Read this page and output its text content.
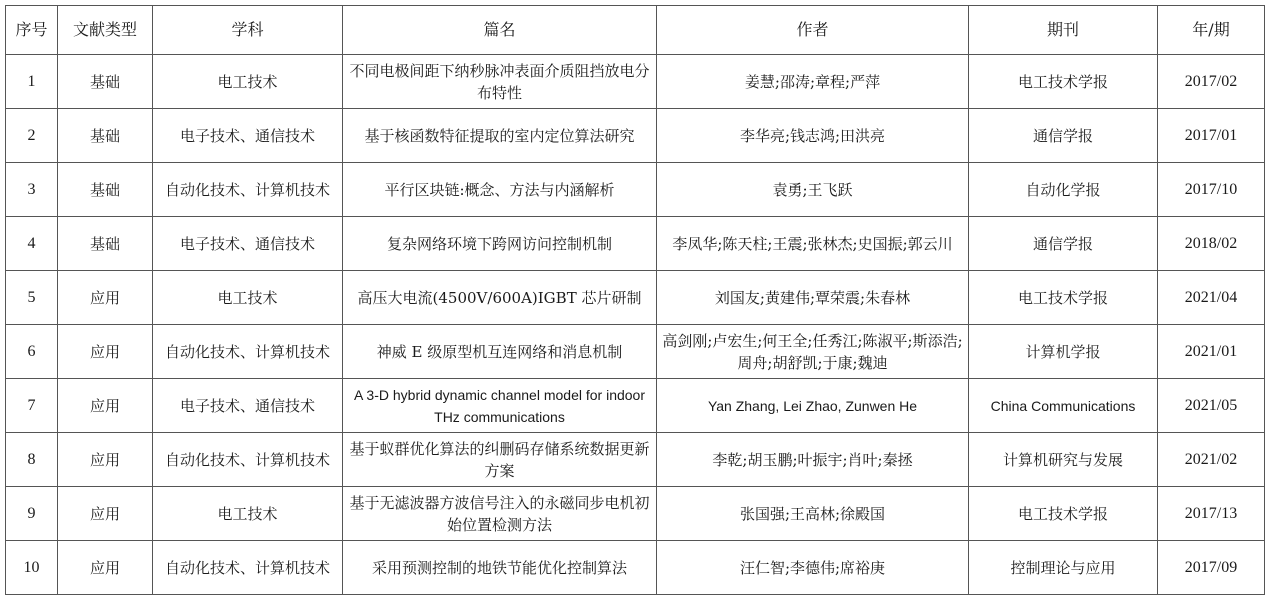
序号	文献类型	学科	篇名	作者	期刊	年/期
1	基础	电工技术	不同电极间距下纳秒脉冲表面介质阻挡放电分布特性	姜慧;邵涛;章程;严萍	电工技术学报	2017/02
2	基础	电子技术、通信技术	基于核函数特征提取的室内定位算法研究	李华亮;钱志鸿;田洪亮	通信学报	2017/01
3	基础	自动化技术、计算机技术	平行区块链:概念、方法与内涵解析	袁勇;王飞跃	自动化学报	2017/10
4	基础	电子技术、通信技术	复杂网络环境下跨网访问控制机制	李凤华;陈天柱;王震;张林杰;史国振;郭云川	通信学报	2018/02
5	应用	电工技术	高压大电流(4500V/600A)IGBT 芯片研制	刘国友;黄建伟;覃荣震;朱春林	电工技术学报	2021/04
6	应用	自动化技术、计算机技术	神威 E 级原型机互连网络和消息机制	高剑刚;卢宏生;何王全;任秀江;陈淑平;斯添浩;周舟;胡舒凯;于康;魏迪	计算机学报	2021/01
7	应用	电子技术、通信技术	A 3-D hybrid dynamic channel model for indoor THz communications	Yan Zhang, Lei Zhao, Zunwen He	China Communications	2021/05
8	应用	自动化技术、计算机技术	基于蚁群优化算法的纠删码存储系统数据更新方案	李乾;胡玉鹏;叶振宇;肖叶;秦拯	计算机研究与发展	2021/02
9	应用	电工技术	基于无滤波器方波信号注入的永磁同步电机初始位置检测方法	张国强;王高林;徐殿国	电工技术学报	2017/13
10	应用	自动化技术、计算机技术	采用预测控制的地铁节能优化控制算法	汪仁智;李德伟;席裕庚	控制理论与应用	2017/09
